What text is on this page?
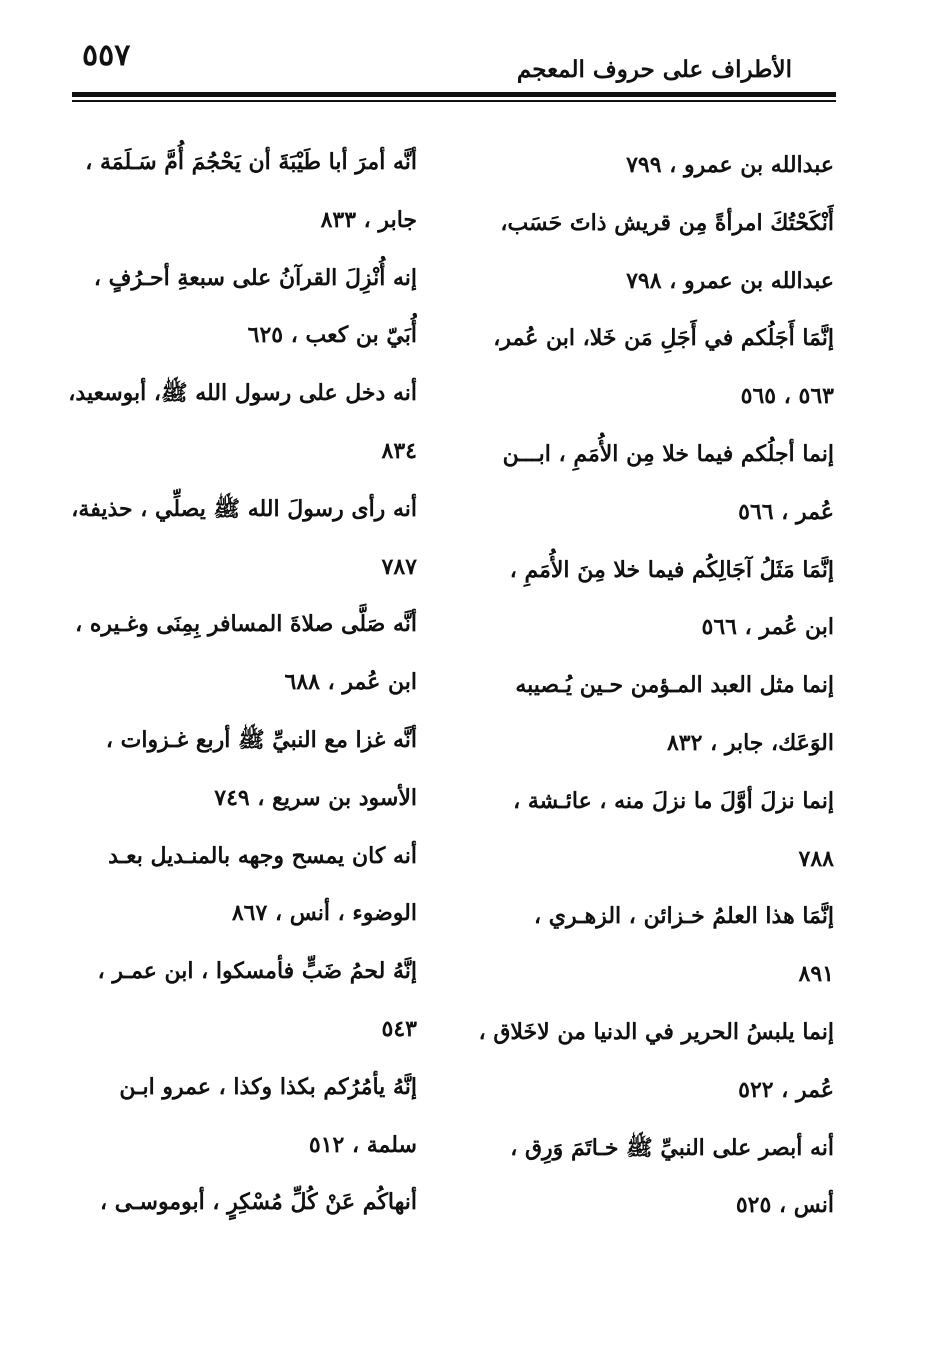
٥٥٧	الأطراف على حروف المعجم
عبدالله بن عمرو ، ٧٩٩
أَنْكَحْتُكَ امرأةً مِن قريش ذاتَ حَسَب،
عبدالله بن عمرو ، ٧٩٨
إنَّمَا أَجَلُكم في أَجَلِ مَن خَلا، ابن عُمر،
٥٦٣ ، ٥٦٥
إنما أجلُكم فيما خلا مِن الأُمَمِ ، ابـــن
عُمر ، ٥٦٦
إنَّمَا مَثَلُ آجَالِكُم فيما خلا مِنَ الأُمَمِ ،
ابن عُمر ، ٥٦٦
إنما مثل العبد المـؤمن حـين يُـصيبه
الوَعَك، جابر ، ٨٣٢
إنما نزلَ أوَّلَ ما نزلَ منه ، عائـشة ،
٧٨٨
إنَّمَا هذا العلمُ خـزائن ، الزهـري ،
٨٩١
إنما يلبسُ الحرير في الدنيا من لاخَلاق ،
عُمر ، ٥٢٢
أنه أبصر على النبيِّ ﷺ خـاتَمَ وَرِق ،
أنس ، ٥٢٥
أنَّه أمرَ أبا طَيْبَةَ أن يَحْجُمَ أُمَّ سَـلَمَة ،
جابر ، ٨٣٣
إنه أُنْزِلَ القرآنُ على سبعةِ أحـرُفٍ ،
أُبَيّ بن كعب ، ٦٢٥
أنه دخل على رسول الله ﷺ، أبوسعيد،
٨٣٤
أنه رأى رسولَ الله ﷺ يصلِّي ، حذيفة،
٧٨٧
أنَّه صَلَّى صلاةَ المسافر بِمِنَى وغـيره ،
ابن عُمر ، ٦٨٨
أنَّه غزا مع النبيِّ ﷺ أربع غـزوات ،
الأسود بن سريع ، ٧٤٩
أنه كان يمسح وجهه بالمنـديل بعـد
الوضوء ، أنس ، ٨٦٧
إنَّهُ لحمُ ضَبٍّ فأمسكوا ، ابن عمـر ،
٥٤٣
إنَّهُ يأمُرُكم بكذا وكذا ، عمرو ابـن
سلمة ، ٥١٢
أنهاكُم عَنْ كُلِّ مُسْكِرٍ ، أبوموسـى ،
